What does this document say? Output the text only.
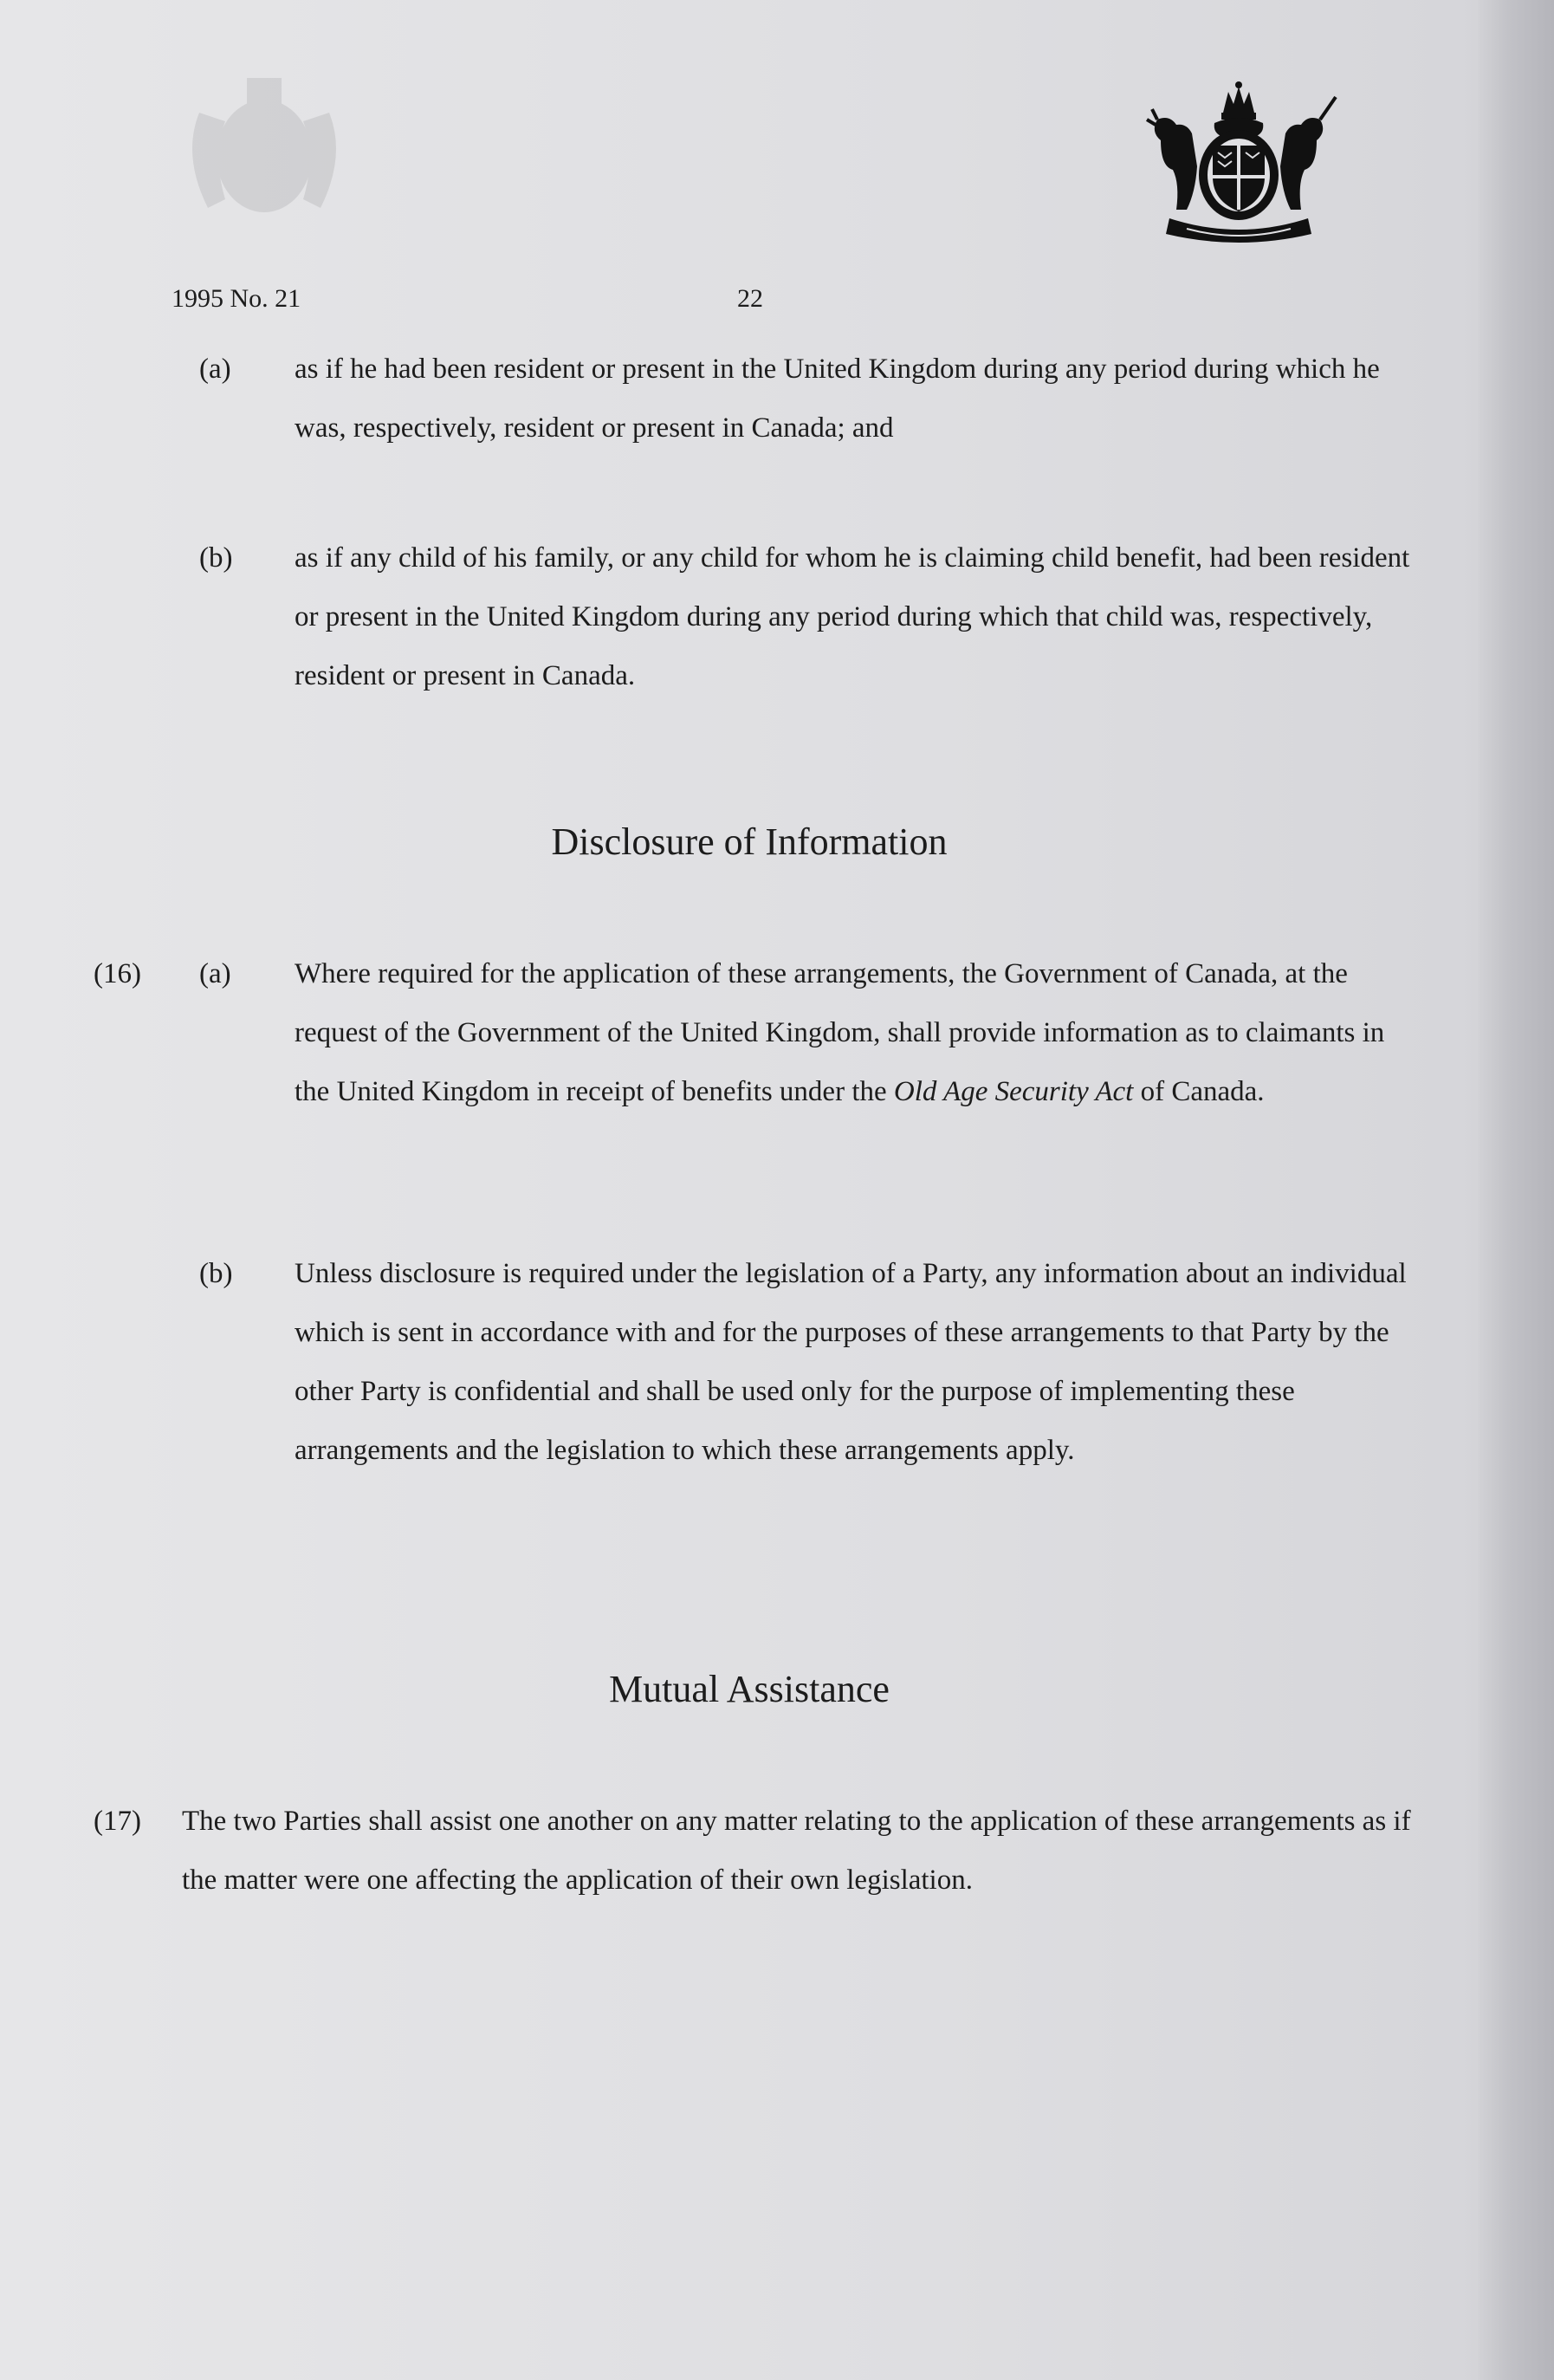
1995 No. 21	22
(a) as if he had been resident or present in the United Kingdom during any period during which he was, respectively, resident or present in Canada; and
(b) as if any child of his family, or any child for whom he is claiming child benefit, had been resident or present in the United Kingdom during any period during which that child was, respectively, resident or present in Canada.
Disclosure of Information
(16) (a) Where required for the application of these arrangements, the Government of Canada, at the request of the Government of the United Kingdom, shall provide information as to claimants in the United Kingdom in receipt of benefits under the Old Age Security Act of Canada.
(b) Unless disclosure is required under the legislation of a Party, any information about an individual which is sent in accordance with and for the purposes of these arrangements to that Party by the other Party is confidential and shall be used only for the purpose of implementing these arrangements and the legislation to which these arrangements apply.
Mutual Assistance
(17) The two Parties shall assist one another on any matter relating to the application of these arrangements as if the matter were one affecting the application of their own legislation.
